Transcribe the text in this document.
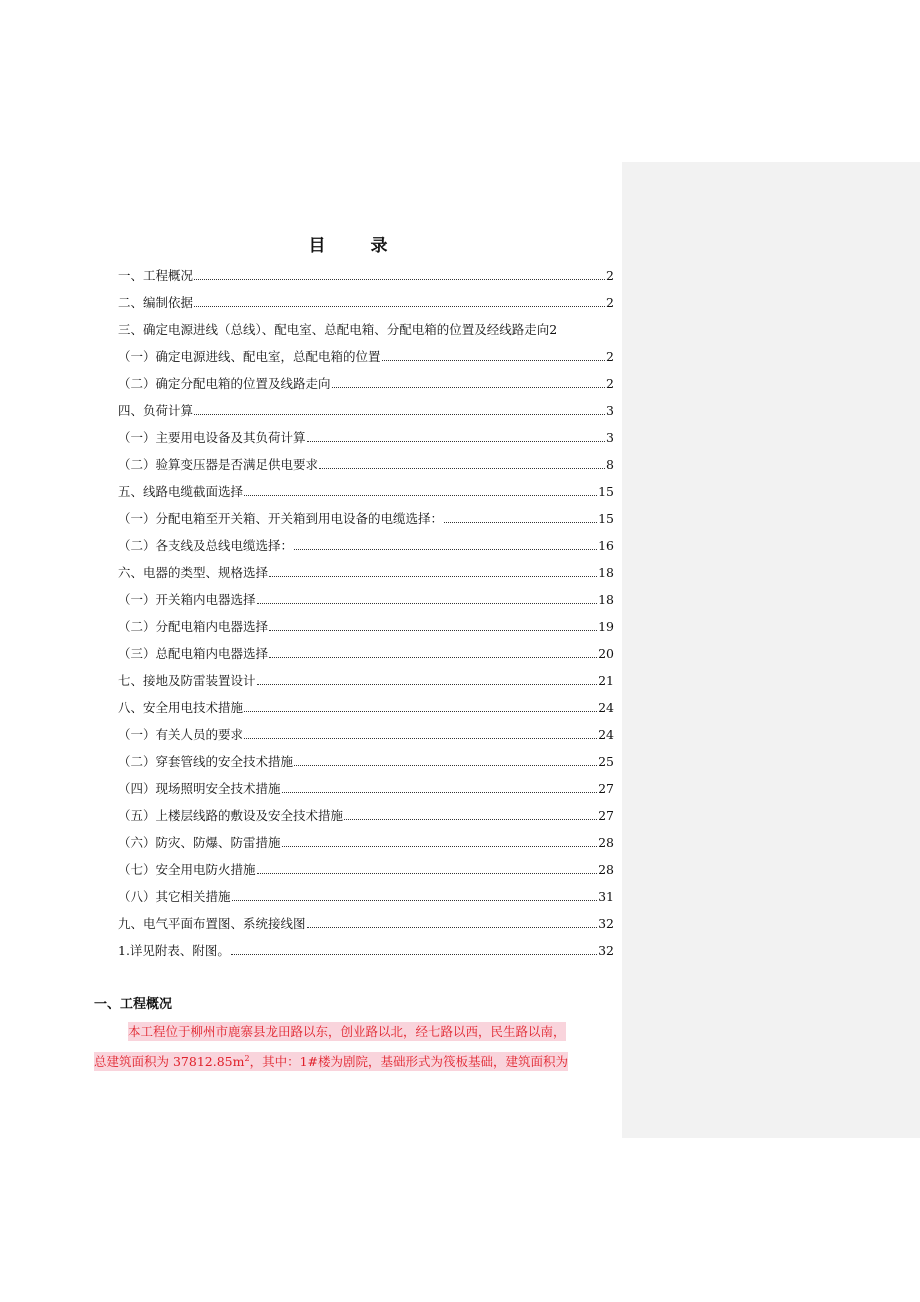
目　录
一、工程概况	2
二、编制依据	2
三、确定电源进线（总线）、配电室、总配电箱、分配电箱的位置及经线路走向 2
（一）确定电源进线、配电室，总配电箱的位置	2
（二）确定分配电箱的位置及线路走向	2
四、负荷计算	3
（一）主要用电设备及其负荷计算	3
（二）验算变压器是否满足供电要求	8
五、线路电缆截面选择	15
（一）分配电箱至开关箱、开关箱到用电设备的电缆选择：	15
（二）各支线及总线电缆选择：	16
六、电器的类型、规格选择	18
（一）开关箱内电器选择	18
（二）分配电箱内电器选择	19
（三）总配电箱内电器选择	20
七、接地及防雷装置设计	21
八、安全用电技术措施	24
（一）有关人员的要求	24
（二）穿套管线的安全技术措施	25
（四）现场照明安全技术措施	27
（五）上楼层线路的敷设及安全技术措施	27
（六）防灾、防爆、防雷措施	28
（七）安全用电防火措施	28
（八）其它相关措施	31
九、电气平面布置图、系统接线图	32
1.详见附表、附图。	32
一、工程概况
本工程位于柳州市鹿寨县龙田路以东，创业路以北，经七路以西，民生路以南，
总建筑面积为 $37812.85m^2$，其中：1#楼为剧院，基础形式为筏板基础，建筑面积为
